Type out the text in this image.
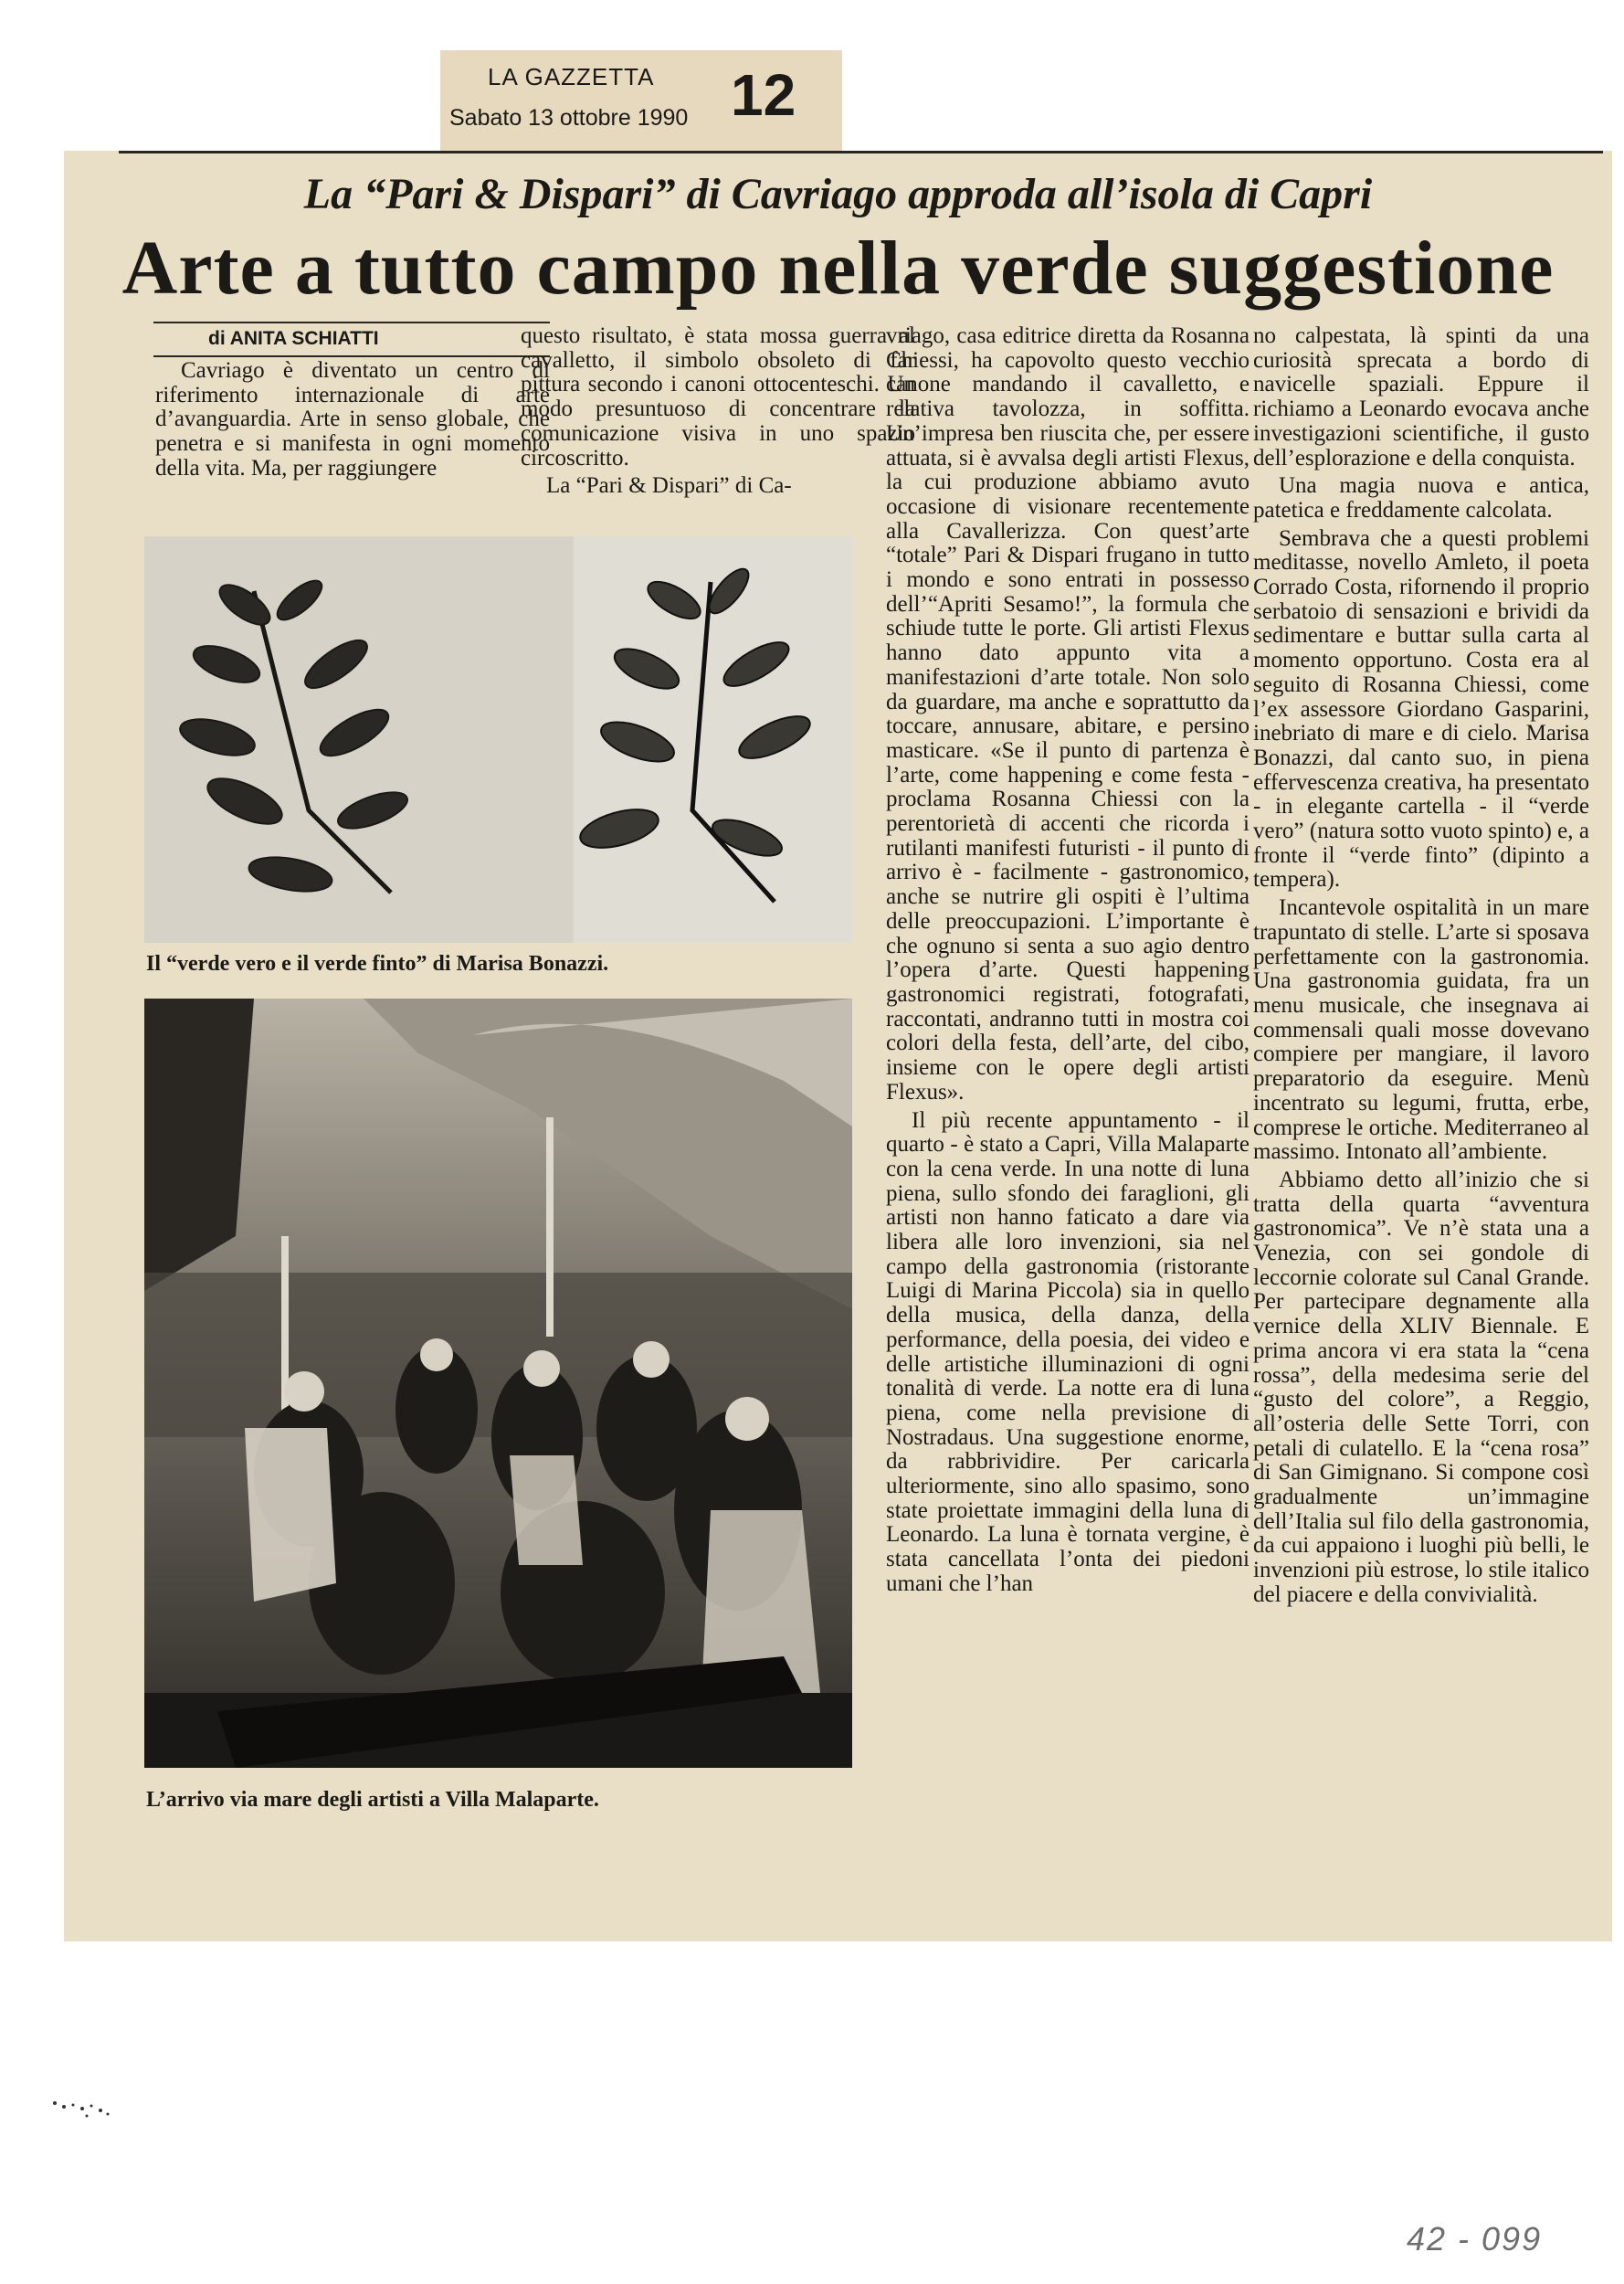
LA GAZZETTA
Sabato 13 ottobre 1990 12
La “Pari & Dispari” di Cavriago approda all’isola di Capri
Arte a tutto campo nella verde suggestione
di ANITA SCHIATTI

Cavriago è diventato un centro di riferimento internazionale di arte d’avanguardia. Arte in senso globale, che penetra e si manifesta in ogni momento della vita. Ma, per raggiungere

questo risultato, è stata mossa guerra al cavalletto, il simbolo obsoleto di far pittura secondo i canoni ottocenteschi. Un modo presuntuoso di concentrare la comunicazione visiva in uno spazio circoscritto.

La “Pari & Dispari” di Ca-

vriago, casa editrice diretta da Rosanna Chiessi, ha capovolto questo vecchio canone mandando il cavalletto, e relativa tavolozza, in soffitta. Un’impresa ben riuscita che, per essere attuata, si è avvalsa degli artisti Flexus, la cui produzione abbiamo avuto occasione di visionare recentemente alla Cavallerizza. Con quest’arte “totale” Pari & Dispari frugano in tutto i mondo e sono entrati in possesso dell’“Apriti Sesamo!”, la formula che schiude tutte le porte. Gli artisti Flexus hanno dato appunto vita a manifestazioni d’arte totale. Non solo da guardare, ma anche e soprattutto da toccare, annusare, abitare, e persino masticare. «Se il punto di partenza è l’arte, come happening e come festa - proclama Rosanna Chiessi con la perentorietà di accenti che ricorda i rutilanti manifesti futuristi - il punto di arrivo è - facilmente - gastronomico, anche se nutrire gli ospiti è l’ultima delle preoccupazioni. L’importante è che ognuno si senta a suo agio dentro l’opera d’arte. Questi happening gastronomici registrati, fotografati, raccontati, andranno tutti in mostra coi colori della festa, dell’arte, del cibo, insieme con le opere degli artisti Flexus».

Il più recente appuntamento - il quarto - è stato a Capri, Villa Malaparte con la cena verde. In una notte di luna piena, sullo sfondo dei faraglioni, gli artisti non hanno faticato a dare via libera alle loro invenzioni, sia nel campo della gastronomia (ristorante Luigi di Marina Piccola) sia in quello della musica, della danza, della performance, della poesia, dei video e delle artistiche illuminazioni di ogni tonalità di verde. La notte era di luna piena, come nella previsione di Nostradaus. Una suggestione enorme, da rabbrividire. Per caricarla ulteriormente, sino allo spasimo, sono state proiettate immagini della luna di Leonardo. La luna è tornata vergine, è stata cancellata l’onta dei piedoni umani che l’han

no calpestata, là spinti da una curiosità sprecata a bordo di navicelle spaziali. Eppure il richiamo a Leonardo evocava anche investigazioni scientifiche, il gusto dell’esplorazione e della conquista.

Una magia nuova e antica, patetica e freddamente calcolata.

Sembrava che a questi problemi meditasse, novello Amleto, il poeta Corrado Costa, rifornendo il proprio serbatoio di sensazioni e brividi da sedimentare e buttar sulla carta al momento opportuno. Costa era al seguito di Rosanna Chiessi, come l’ex assessore Giordano Gasparini, inebriato di mare e di cielo. Marisa Bonazzi, dal canto suo, in piena effervescenza creativa, ha presentato - in elegante cartella - il “verde vero” (natura sotto vuoto spinto) e, a fronte il “verde finto” (dipinto a tempera).

Incantevole ospitalità in un mare trapuntato di stelle. L’arte si sposava perfettamente con la gastronomia. Una gastronomia guidata, fra un menu musicale, che insegnava ai commensali quali mosse dovevano compiere per mangiare, il lavoro preparatorio da eseguire. Menù incentrato su legumi, frutta, erbe, comprese le ortiche. Mediterraneo al massimo. Intonato all’ambiente.

Abbiamo detto all’inizio che si tratta della quarta “avventura gastronomica”. Ve n’è stata una a Venezia, con sei gondole di leccornie colorate sul Canal Grande. Per partecipare degnamente alla vernice della XLIV Biennale. E prima ancora vi era stata la “cena rossa”, della medesima serie del “gusto del colore”, a Reggio, all’osteria delle Sette Torri, con petali di culatello. E la “cena rosa” di San Gimignano. Si compone così gradualmente un’immagine dell’Italia sul filo della gastronomia, da cui appaiono i luoghi più belli, le invenzioni più estrose, lo stile italico del piacere e della convivialità.

Il “verde vero e il verde finto” di Marisa Bonazzi.
L’arrivo via mare degli artisti a Villa Malaparte.
42 - 099
